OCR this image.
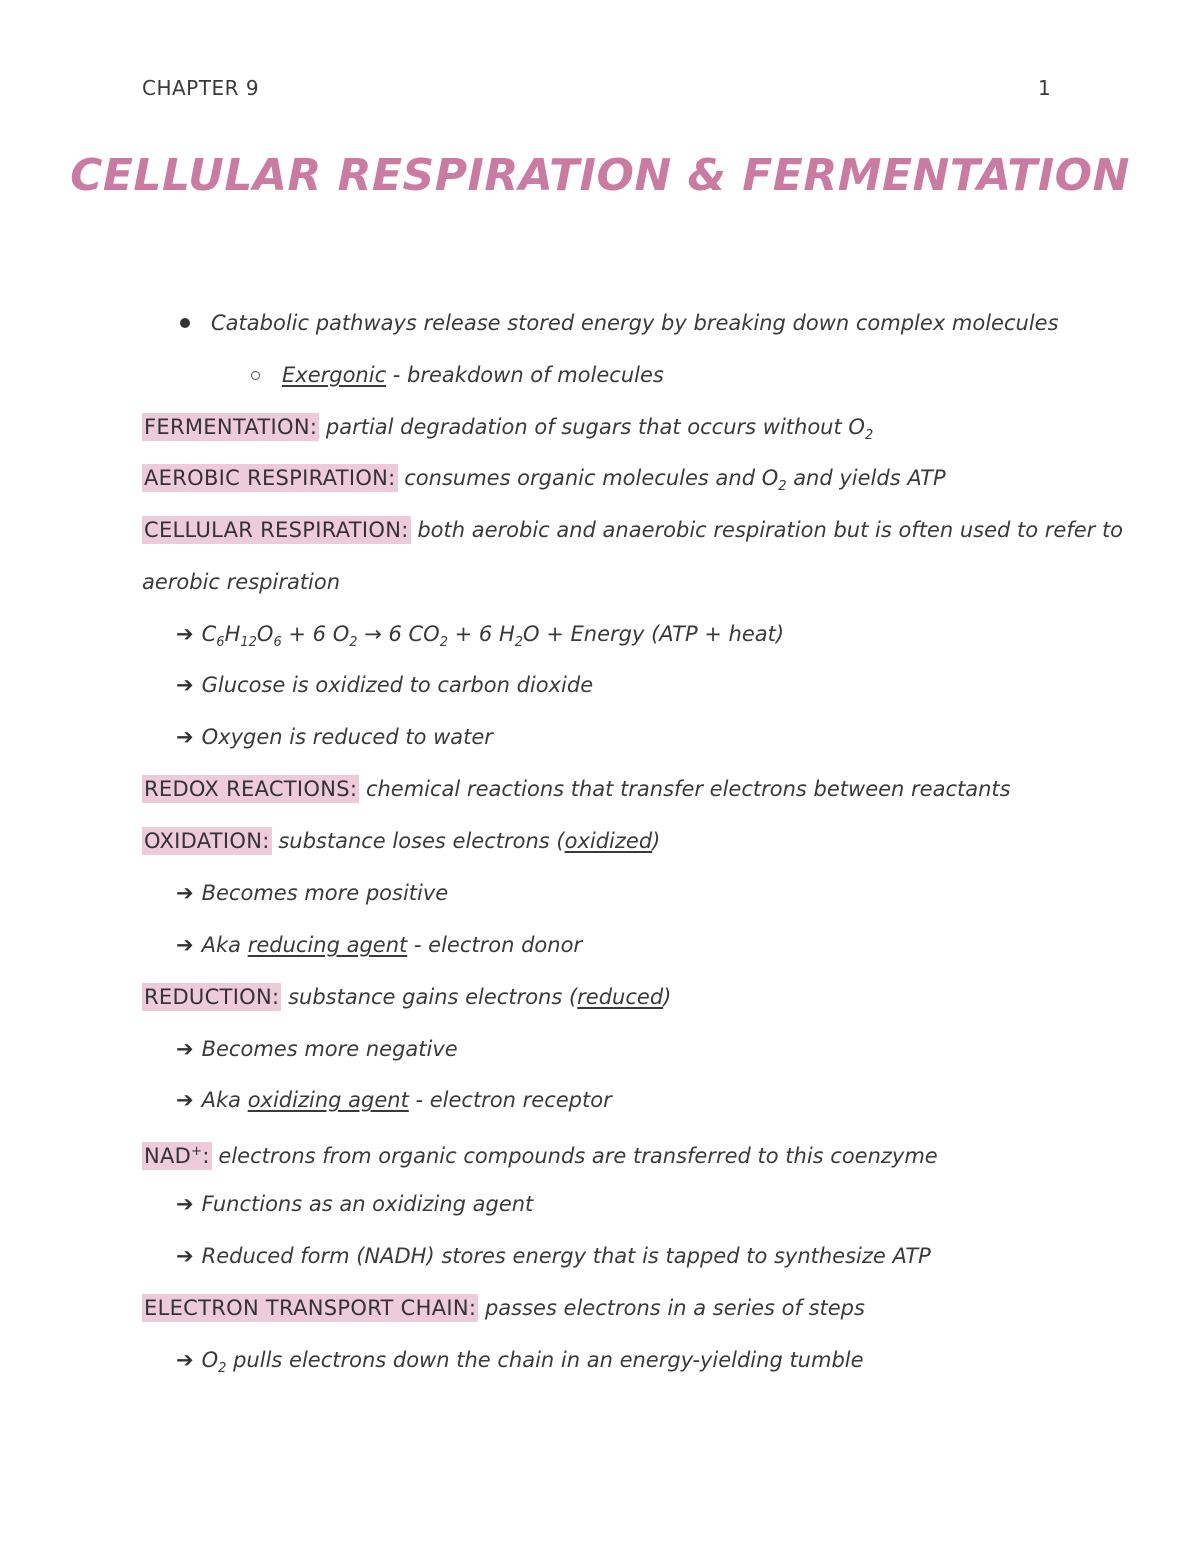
CHAPTER 9	1
CELLULAR RESPIRATION & FERMENTATION
Catabolic pathways release stored energy by breaking down complex molecules
Exergonic - breakdown of molecules
FERMENTATION: partial degradation of sugars that occurs without $O_2$
AEROBIC RESPIRATION: consumes organic molecules and $O_2$ and yields ATP
CELLULAR RESPIRATION: both aerobic and anaerobic respiration but is often used to refer to
aerobic respiration
➔ $C_6H_{12}O_6 + 6$ $O_2 \to 6$ $CO_2 + 6$ $H_2O$ + Energy (ATP + heat)
➔ Glucose is oxidized to carbon dioxide
➔ Oxygen is reduced to water
REDOX REACTIONS: chemical reactions that transfer electrons between reactants
OXIDATION: substance loses electrons (oxidized)
➔ Becomes more positive
➔ Aka reducing agent - electron donor
REDUCTION: substance gains electrons (reduced)
➔ Becomes more negative
➔ Aka oxidizing agent - electron receptor
NAD+: electrons from organic compounds are transferred to this coenzyme
➔ Functions as an oxidizing agent
➔ Reduced form (NADH) stores energy that is tapped to synthesize ATP
ELECTRON TRANSPORT CHAIN: passes electrons in a series of steps
➔ $O_2$ pulls electrons down the chain in an energy-yielding tumble
